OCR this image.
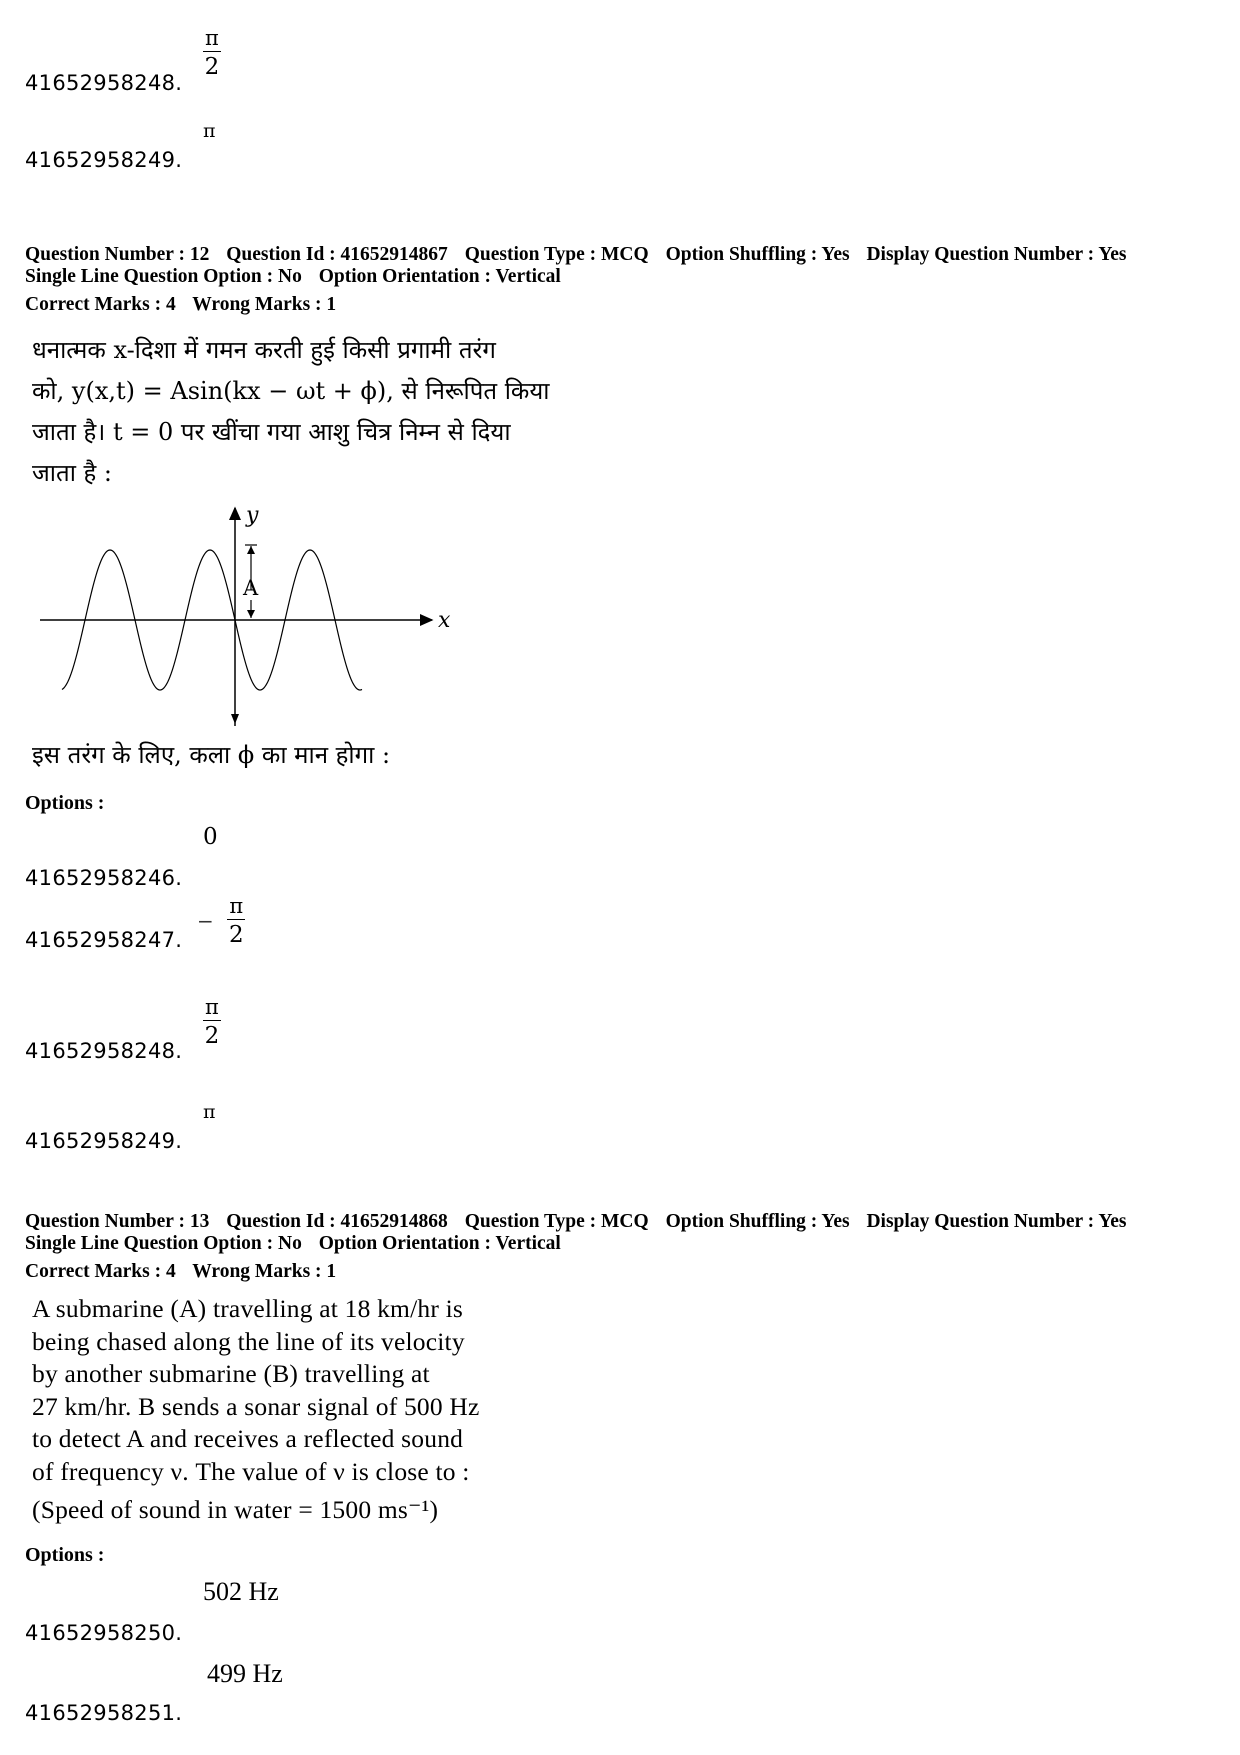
$\frac{\pi}{2}$
41652958248.
π
41652958249.
Question Number : 12 Question Id : 41652914867 Question Type : MCQ Option Shuffling : Yes Display Question Number : Yes
Single Line Question Option : No Option Orientation : Vertical
Correct Marks : 4 Wrong Marks : 1
धनात्मक x-दिशा में गमन करती हुई किसी प्रगामी तरंग
को, y(x,t) = Asin(kx − ωt + ϕ), से निरूपित किया
जाता है। t = 0 पर खींचा गया आशु चित्र निम्न से दिया
जाता है :
A
y
x
इस तरंग के लिए, कला ϕ का मान होगा :
Options :
0
41652958246.
− $\frac{\pi}{2}$
41652958247.
$\frac{\pi}{2}$
41652958248.
π
41652958249.
Question Number : 13 Question Id : 41652914868 Question Type : MCQ Option Shuffling : Yes Display Question Number : Yes
Single Line Question Option : No Option Orientation : Vertical
Correct Marks : 4 Wrong Marks : 1
A submarine (A) travelling at 18 km/hr is
being chased along the line of its velocity
by another submarine (B) travelling at
27 km/hr. B sends a sonar signal of 500 Hz
to detect A and receives a reflected sound
of frequency ν. The value of ν is close to :
(Speed of sound in water = 1500 ms⁻¹)
Options :
502 Hz
41652958250.
499 Hz
41652958251.
